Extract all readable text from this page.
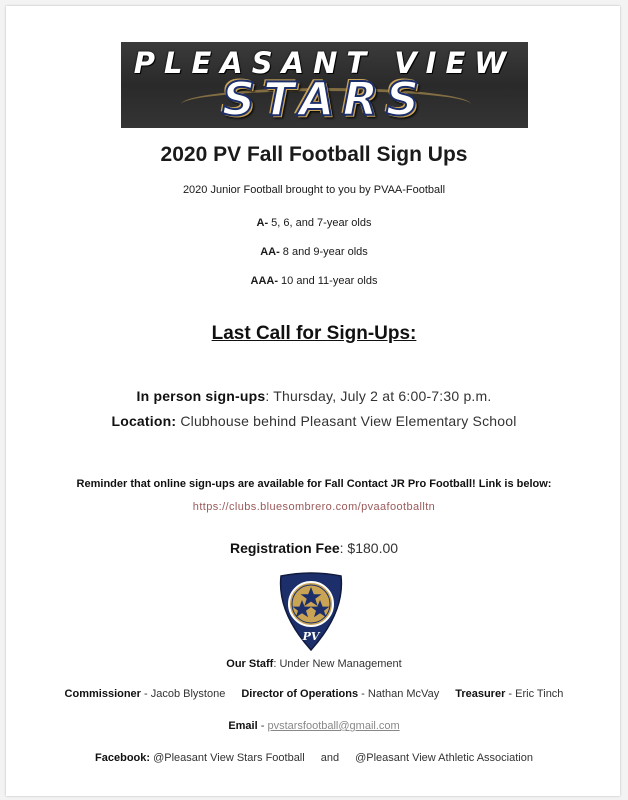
PLEASANT VIEW
STARS
2020 PV Fall Football Sign Ups
2020 Junior Football brought to you by PVAA-Football
A- 5, 6, and 7-year olds
AA- 8 and 9-year olds
AAA- 10 and 11-year olds
Last Call for Sign-Ups:
In person sign-ups: Thursday, July 2 at 6:00-7:30 p.m.
Location: Clubhouse behind Pleasant View Elementary School
Reminder that online sign-ups are available for Fall Contact JR Pro Football! Link is below:
https://clubs.bluesombrero.com/pvaafootballtn
Registration Fee: $180.00
PV
Our Staff: Under New Management
Commissioner - Jacob Blystone Director of Operations - Nathan McVay Treasurer - Eric Tinch
Email - pvstarsfootball@gmail.com
Facebook: @Pleasant View Stars Football and @Pleasant View Athletic Association
